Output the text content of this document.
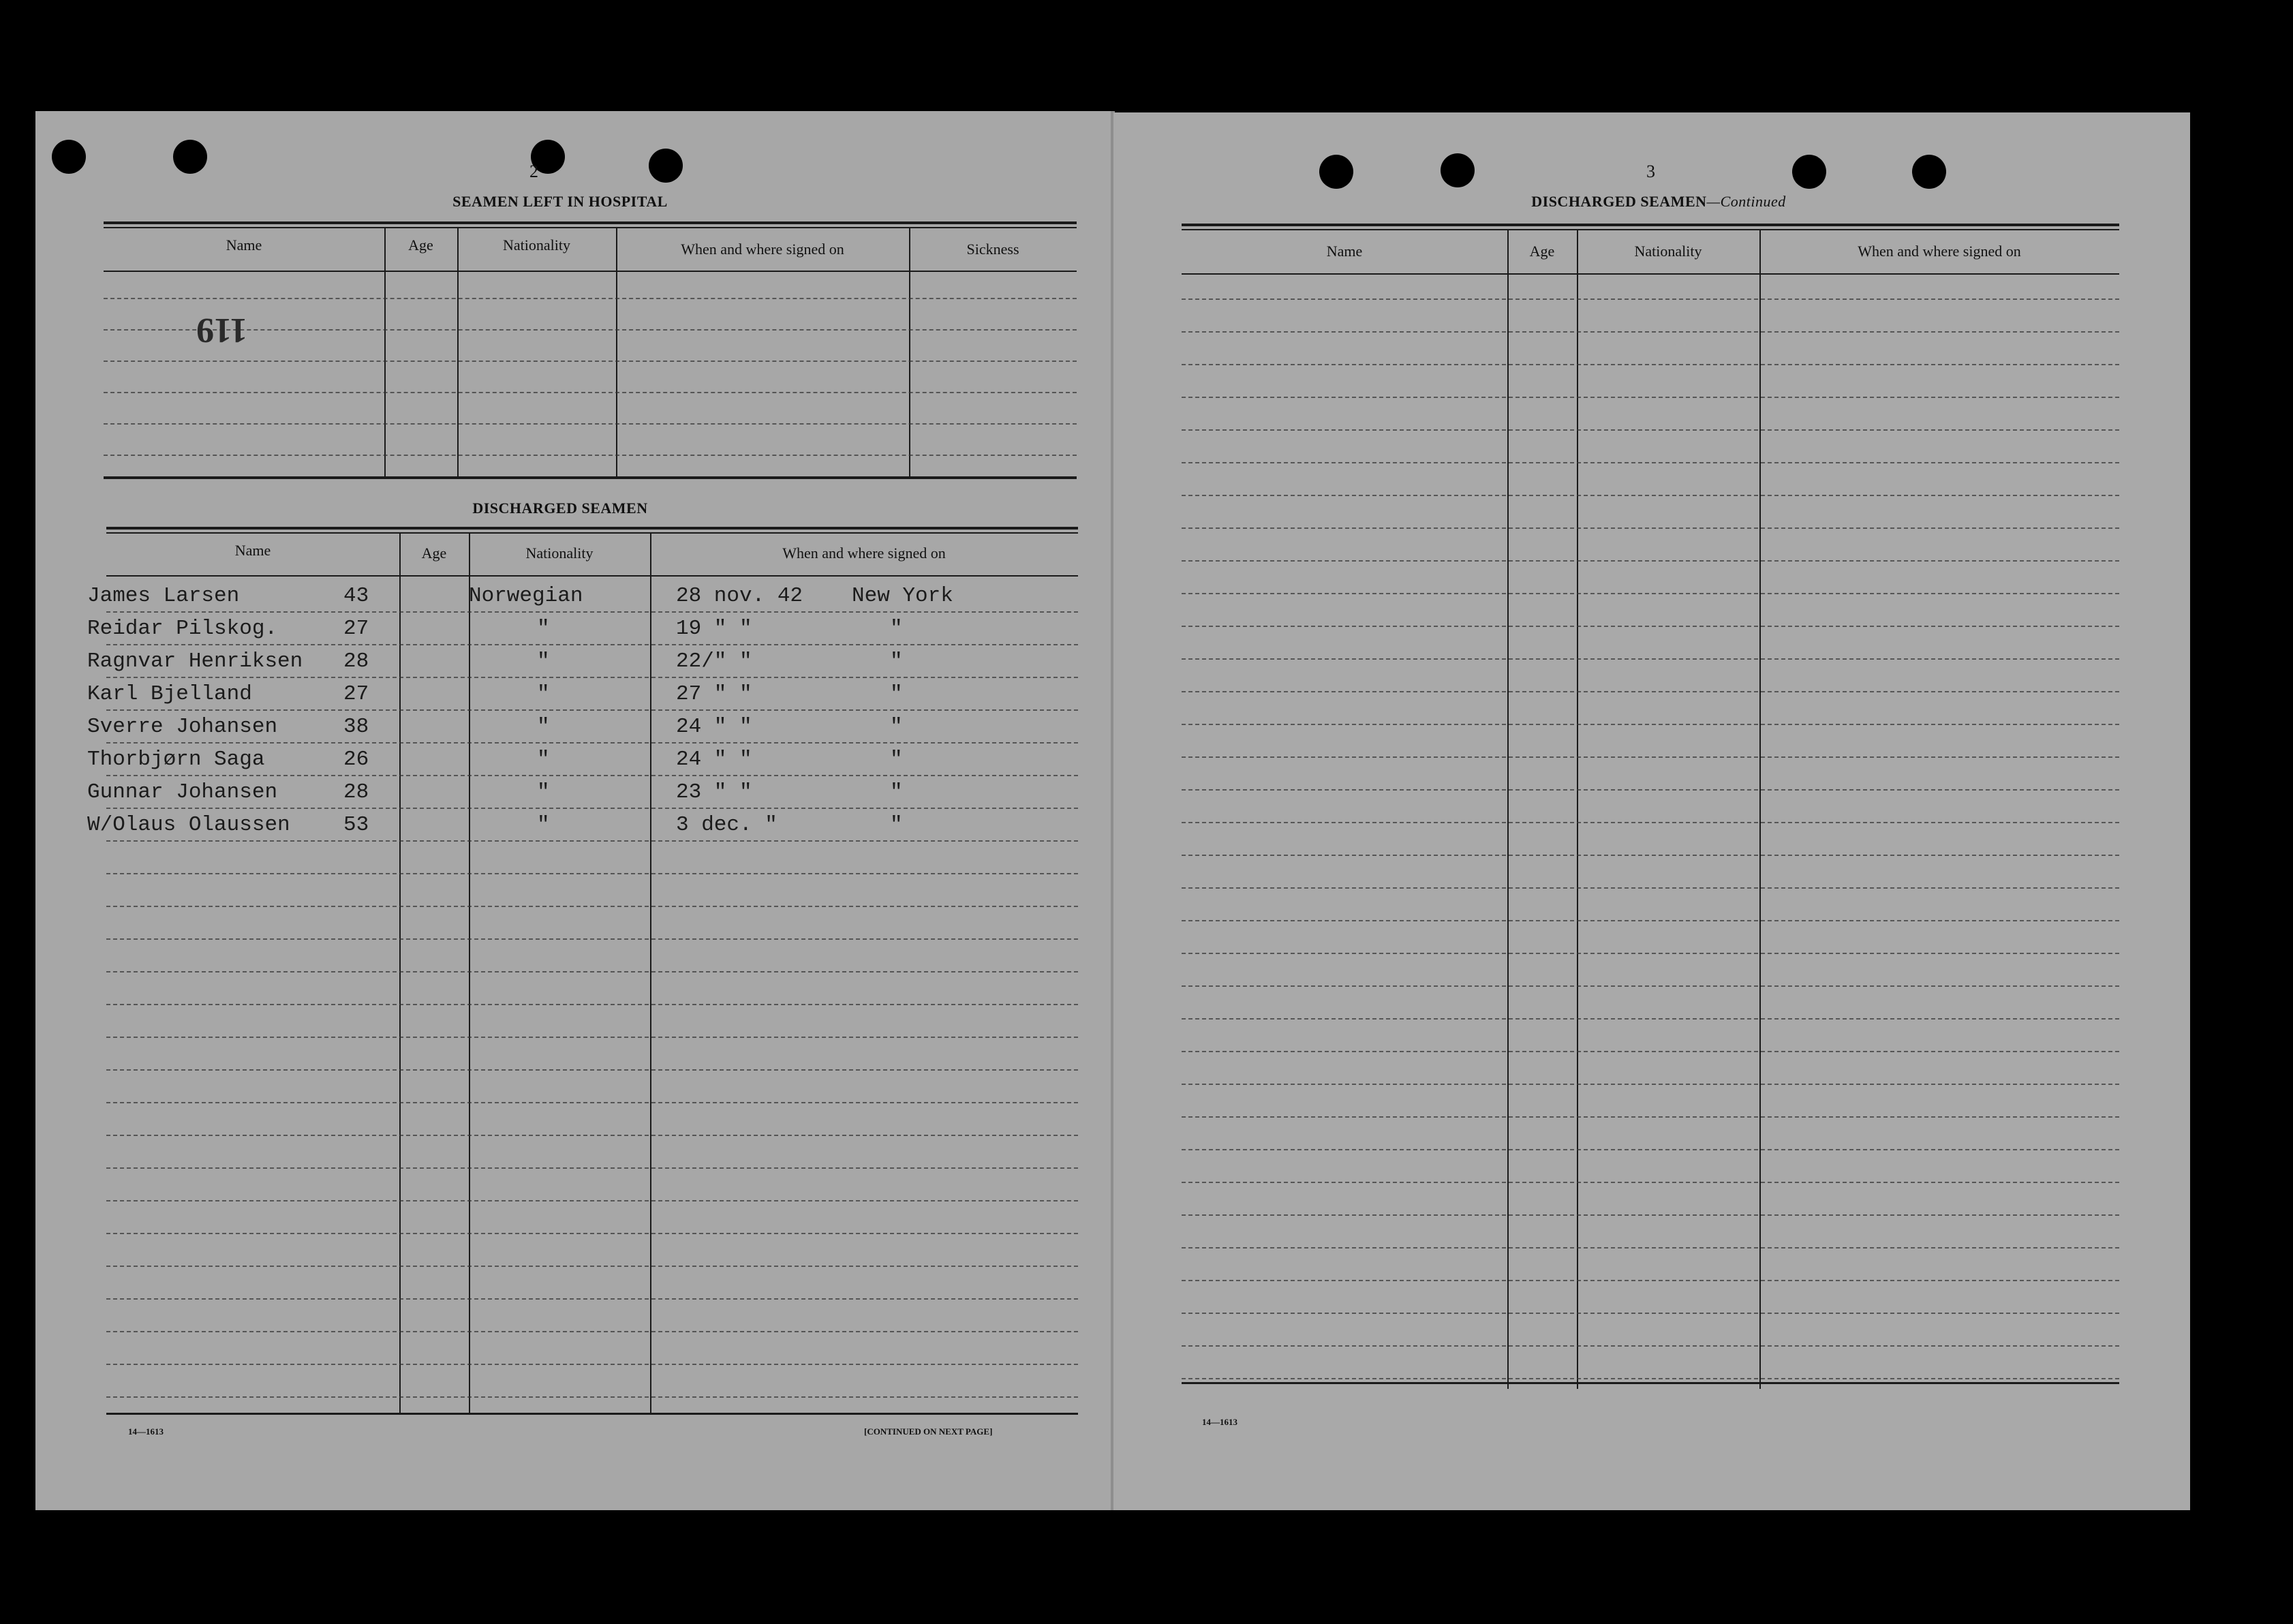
2
SEAMEN LEFT IN HOSPITAL
Name	Age	Nationality	When and where signed on	Sickness
119
DISCHARGED SEAMEN
Name	Age	Nationality	When and where signed on
James Larsen	43	Norwegian	28 nov. 42 New York
Reidar Pilskog.	27	"	19 " "	"
Ragnvar Henriksen 28	"	22/" "	"
Karl Bjelland	27	"	27 " "	"
Sverre Johansen	38	"	24 " "	"
Thorbjørn Saga	26	"	24 " "	"
Gunnar Johansen	28	"	23 " "	"
W/Olaus Olaussen	53	"	3 dec. "	"
14—1613	[CONTINUED ON NEXT PAGE]
3
DISCHARGED SEAMEN—Continued
Name	Age	Nationality	When and where signed on
14—1613
